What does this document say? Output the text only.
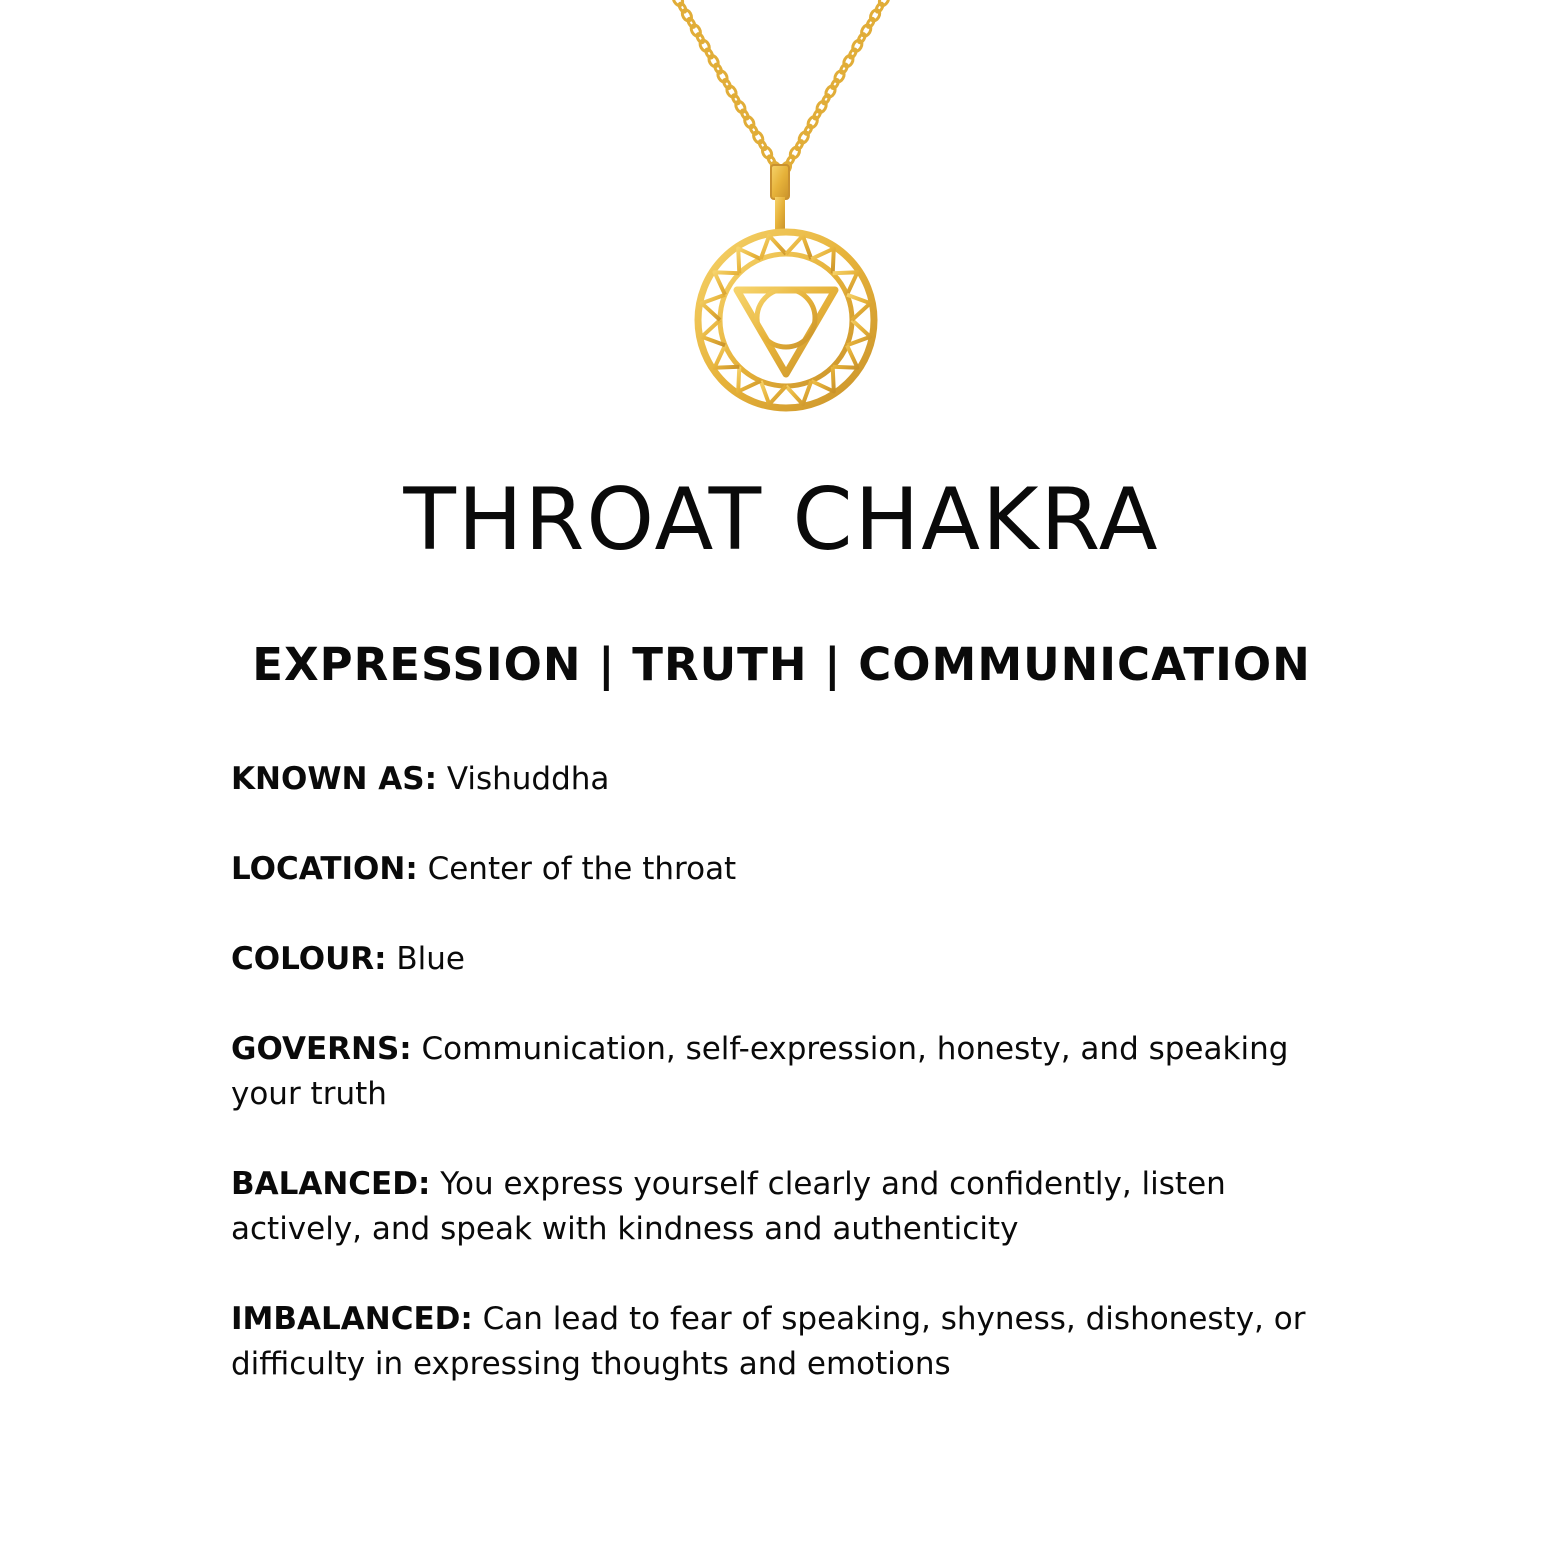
THROAT CHAKRA
EXPRESSION | TRUTH | COMMUNICATION

KNOWN AS: Vishuddha

LOCATION: Center of the throat

COLOUR: Blue

GOVERNS: Communication, self-expression, honesty, and speaking your truth

BALANCED: You express yourself clearly and confidently, listen actively, and speak with kindness and authenticity

IMBALANCED: Can lead to fear of speaking, shyness, dishonesty, or difficulty in expressing thoughts and emotions
